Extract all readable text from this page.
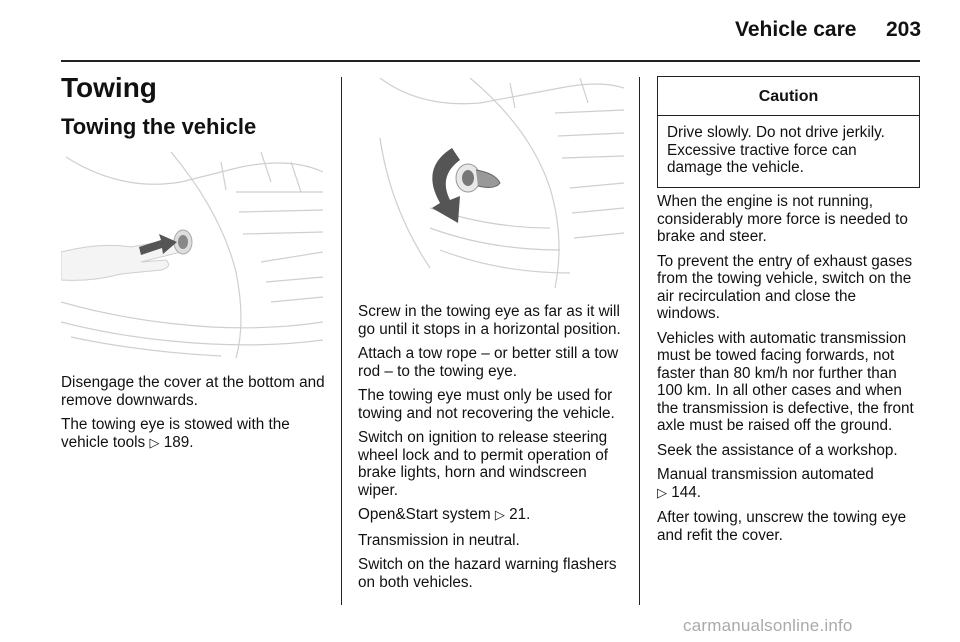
Vehicle care 203
Towing
Towing the vehicle

Disengage the cover at the bottom and remove downwards.

The towing eye is stowed with the vehicle tools ▷ 189.

Screw in the towing eye as far as it will go until it stops in a horizontal position.

Attach a tow rope – or better still a tow rod – to the towing eye.

The towing eye must only be used for towing and not recovering the vehicle.

Switch on ignition to release steering wheel lock and to permit operation of brake lights, horn and windscreen wiper.

Open&Start system ▷ 21.

Transmission in neutral.

Switch on the hazard warning flashers on both vehicles.

Caution
Drive slowly. Do not drive jerkily. Excessive tractive force can damage the vehicle.

When the engine is not running, considerably more force is needed to brake and steer.

To prevent the entry of exhaust gases from the towing vehicle, switch on the air recirculation and close the windows.

Vehicles with automatic transmission must be towed facing forwards, not faster than 80 km/h nor further than 100 km. In all other cases and when the transmission is defective, the front axle must be raised off the ground.

Seek the assistance of a workshop.

Manual transmission automated
▷ 144.

After towing, unscrew the towing eye and refit the cover.

carmanualsonline.info
